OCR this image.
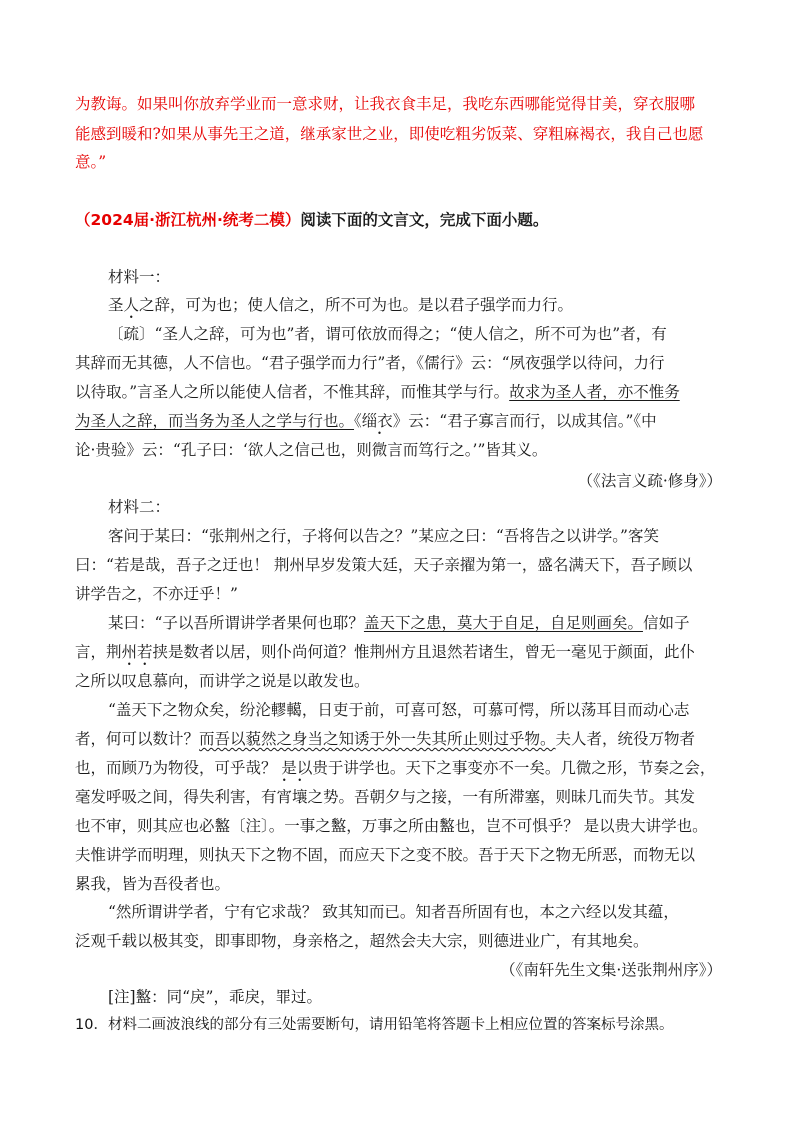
为教诲。如果叫你放弃学业而一意求财，让我衣食丰足，我吃东西哪能觉得甘美，穿衣服哪
能感到暖和?如果从事先王之道，继承家世之业，即使吃粗劣饭菜、穿粗麻褐衣，我自己也愿
意。”
（2024届·浙江杭州·统考二模）阅读下面的文言文，完成下面小题。
材料一：
圣人之辞，可为也；使人信之，所不可为也。是以君子强学而力行。
〔疏〕“圣人之辞，可为也”者，谓可依放而得之；“使人信之，所不可为也”者，有
其辞而无其德，人不信也。“君子强学而力行”者，《儒行》云：“夙夜强学以待问，力行
以待取。”言圣人之所以能使人信者，不惟其辞，而惟其学与行。故求为圣人者，亦不惟务
为圣人之辞，而当务为圣人之学与行也。《缁衣》云：“君子寡言而行，以成其信。”《中
论·贵验》云：“孔子曰：‘欲人之信己也，则微言而笃行之。’”皆其义。
（《法言义疏·修身》）
材料二：
客问于某曰：“张荆州之行，子将何以告之？”某应之曰：“吾将告之以讲学。”客笑
曰：“若是哉，吾子之迂也！ 荆州早岁发策大廷，天子亲擢为第一，盛名满天下，吾子顾以
讲学告之，不亦迂乎！”
某曰：“子以吾所谓讲学者果何也耶？盖天下之患，莫大于自足，自足则画矣。信如子
言，荆州若挟是数者以居，则仆尚何道？惟荆州方且退然若诸生，曾无一毫见于颜面，此仆
之所以叹息慕向，而讲学之说是以敢发也。
“盖天下之物众矣，纷沦轇轕，日吏于前，可喜可怒，可慕可愕，所以荡耳目而动心志
者，何可以数计？而吾以藐然之身当之知诱于外一失其所止则过乎物。夫人者，统役万物者
也，而顾乃为物役，可乎哉？ 是以贵于讲学也。天下之事变亦不一矣。几微之形，节奏之会，
毫发呼吸之间，得失利害，有宵壤之势。吾朝夕与之接，一有所滞塞，则昧几而失节。其发
也不审，则其应也必盭〔注〕。一事之盭，万事之所由盭也，岂不可惧乎？ 是以贵大讲学也。
夫惟讲学而明理，则执天下之物不固，而应天下之变不胶。吾于天下之物无所恶，而物无以
累我，皆为吾役者也。
“然所谓讲学者，宁有它求哉？ 致其知而已。知者吾所固有也，本之六经以发其蕴，
泛观千载以极其变，即事即物，身亲格之，超然会夫大宗，则德进业广，有其地矣。
（《南轩先生文集·送张荆州序》）
[注]盭：同“戾”，乖戾，罪过。
10．材料二画波浪线的部分有三处需要断句，请用铅笔将答题卡上相应位置的答案标号涂黑。
